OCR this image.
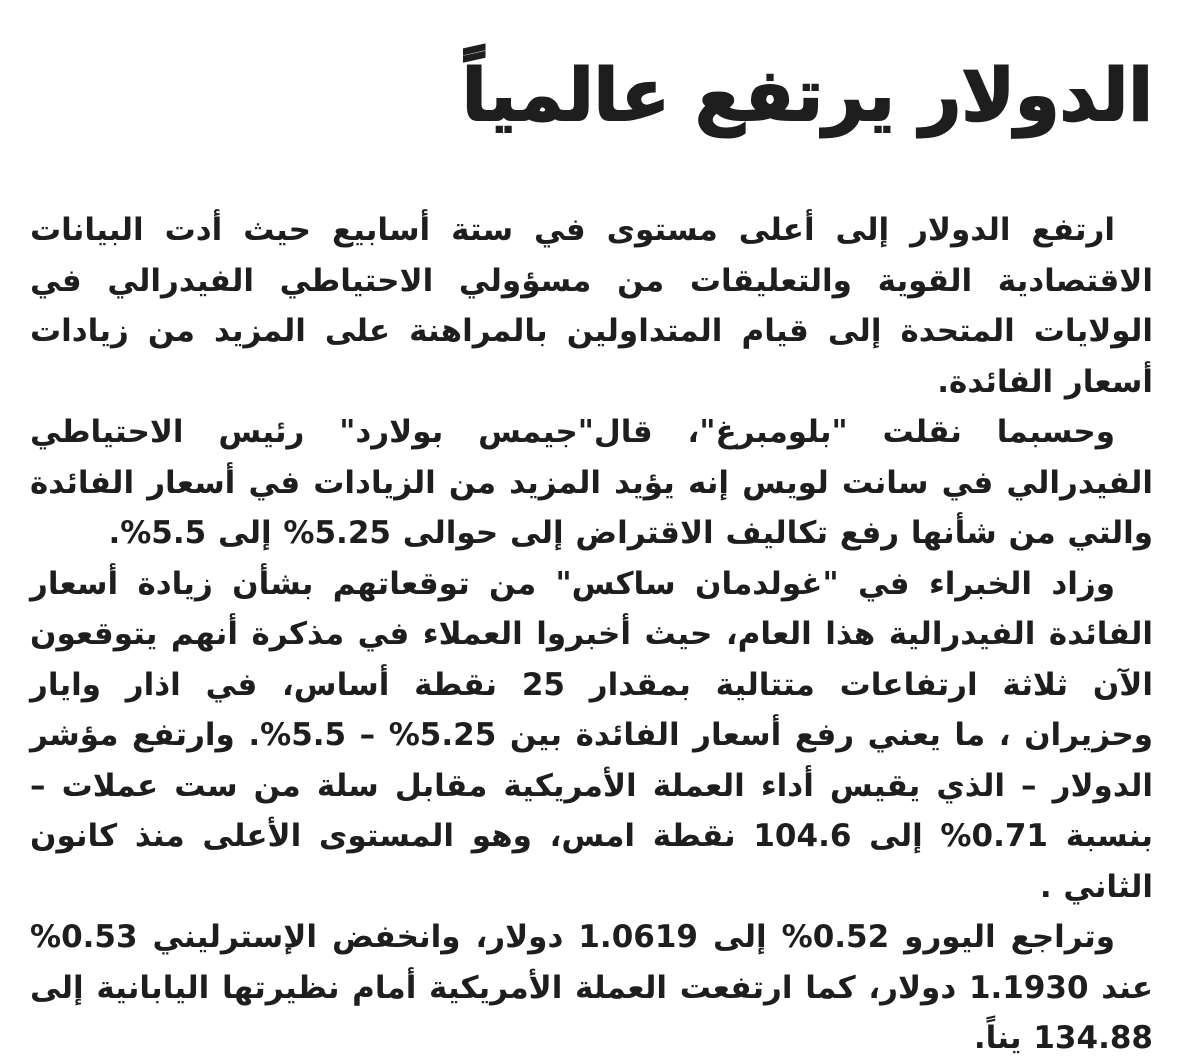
الدولار يرتفع عالمياً

ارتفع الدولار إلى أعلى مستوى في ستة أسابيع حيث أدت البيانات الاقتصادية القوية والتعليقات من مسؤولي الاحتياطي الفيدرالي في الولايات المتحدة إلى قيام المتداولين بالمراهنة على المزيد من زيادات أسعار الفائدة.

وحسبما نقلت "بلومبرغ"، قال"جيمس بولارد" رئيس الاحتياطي الفيدرالي في سانت لويس إنه يؤيد المزيد من الزيادات في أسعار الفائدة والتي من شأنها رفع تكاليف الاقتراض إلى حوالى 5.25% إلى 5.5%.

وزاد الخبراء في "غولدمان ساكس" من توقعاتهم بشأن زيادة أسعار الفائدة الفيدرالية هذا العام، حيث أخبروا العملاء في مذكرة أنهم يتوقعون الآن ثلاثة ارتفاعات متتالية بمقدار 25 نقطة أساس، في اذار وايار وحزيران ، ما يعني رفع أسعار الفائدة بين 5.25% – 5.5%. وارتفع مؤشر الدولار – الذي يقيس أداء العملة الأمريكية مقابل سلة من ست عملات – بنسبة 0.71% إلى 104.6 نقطة امس، وهو المستوى الأعلى منذ كانون الثاني .

وتراجع اليورو 0.52% إلى 1.0619 دولار، وانخفض الإسترليني 0.53% عند 1.1930 دولار، كما ارتفعت العملة الأمريكية أمام نظيرتها اليابانية إلى 134.88 يناً.
